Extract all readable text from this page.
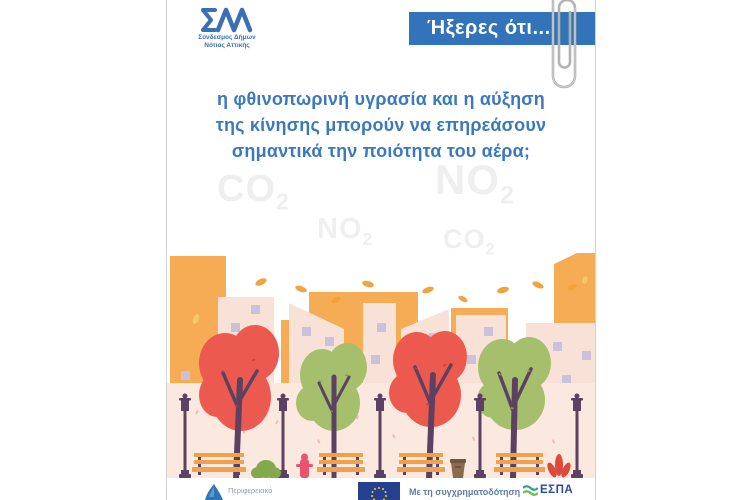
Σύνδεσμος Δήμων
Νότιας Αττικής
Ήξερες ότι...
η φθινοπωρινή υγρασία και η αύξηση
της κίνησης μπορούν να επηρεάσουν
σημαντικά την ποιότητα του αέρα;
$CO_2$	$NO_2$
$NO_2$	$CO_2$
Περιφερειακό	Με τη συγχρηματοδότηση ΕΣΠΑ
